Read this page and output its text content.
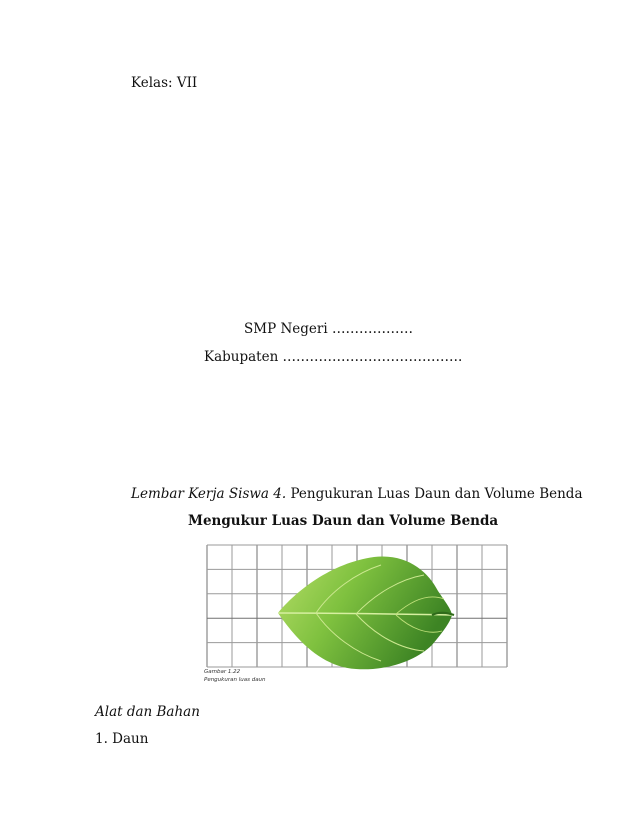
Kelas: VII
SMP Negeri ………………
Kabupaten ………………………………….
Lembar Kerja Siswa 4. Pengukuran Luas Daun dan Volume Benda
Mengukur Luas Daun dan Volume Benda
Gambar 1.22
Pengukuran luas daun
Alat dan Bahan
1. Daun
